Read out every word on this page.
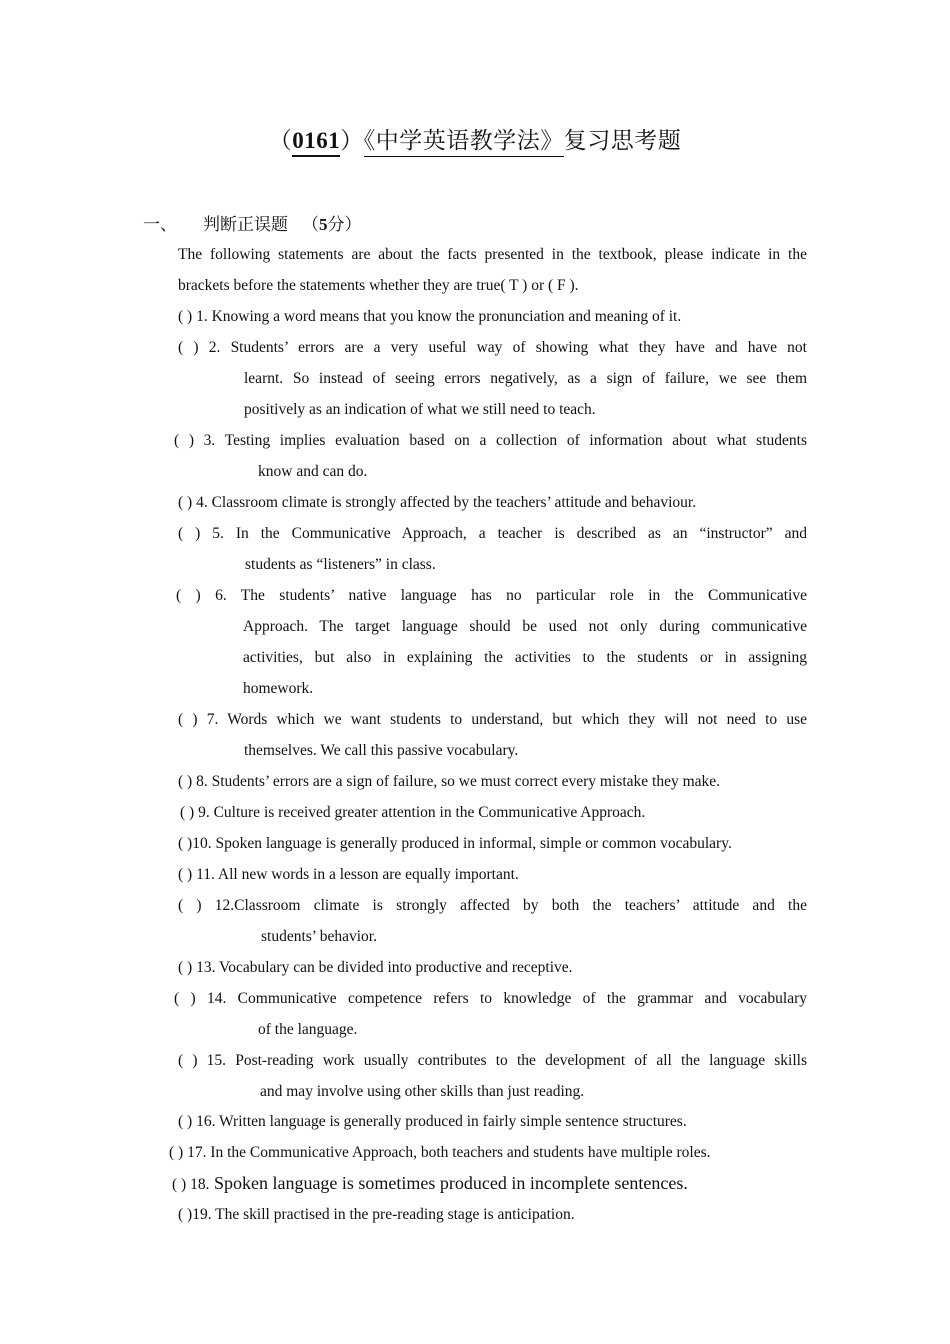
（0161）《中学英语教学法》复习思考题
一、 判断正误题 （5分）
The following statements are about the facts presented in the textbook, please indicate in the
brackets before the statements whether they are true( T ) or ( F ).
( ) 1. Knowing a word means that you know the pronunciation and meaning of it.
( ) 2. Students’ errors are a very useful way of showing what they have and have not
learnt. So instead of seeing errors negatively, as a sign of failure, we see them
positively as an indication of what we still need to teach.
( ) 3. Testing implies evaluation based on a collection of information about what students
know and can do.
( ) 4. Classroom climate is strongly affected by the teachers’ attitude and behaviour.
( ) 5. In the Communicative Approach, a teacher is described as an “instructor” and
students as “listeners” in class.
( ) 6. The students’ native language has no particular role in the Communicative
Approach. The target language should be used not only during communicative
activities, but also in explaining the activities to the students or in assigning
homework.
( ) 7. Words which we want students to understand, but which they will not need to use
themselves. We call this passive vocabulary.
( ) 8. Students’ errors are a sign of failure, so we must correct every mistake they make.
( ) 9. Culture is received greater attention in the Communicative Approach.
( )10. Spoken language is generally produced in informal, simple or common vocabulary.
( ) 11. All new words in a lesson are equally important.
( ) 12.Classroom climate is strongly affected by both the teachers’ attitude and the
students’ behavior.
( ) 13. Vocabulary can be divided into productive and receptive.
( ) 14. Communicative competence refers to knowledge of the grammar and vocabulary
of the language.
( ) 15. Post-reading work usually contributes to the development of all the language skills
and may involve using other skills than just reading.
( ) 16. Written language is generally produced in fairly simple sentence structures.
( ) 17. In the Communicative Approach, both teachers and students have multiple roles.
( ) 18. Spoken language is sometimes produced in incomplete sentences.
( )19. The skill practised in the pre-reading stage is anticipation.
